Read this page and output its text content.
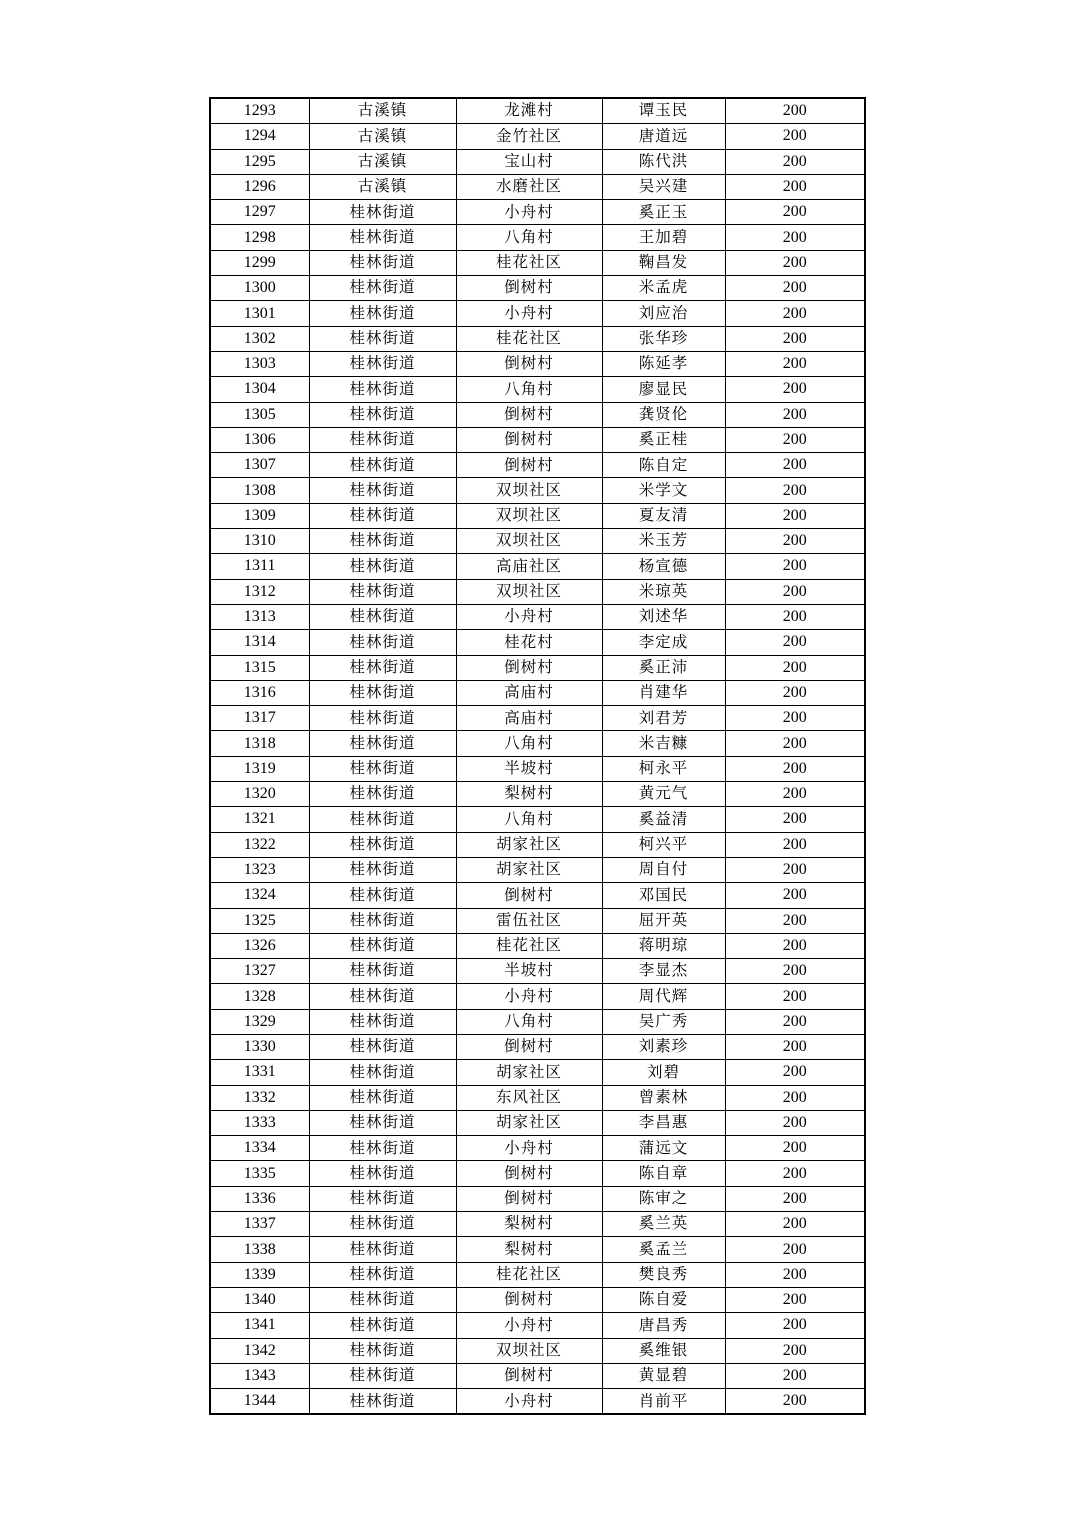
1293	古溪镇	龙滩村	谭玉民	200
1294	古溪镇	金竹社区	唐道远	200
1295	古溪镇	宝山村	陈代洪	200
1296	古溪镇	水磨社区	吴兴建	200
1297	桂林街道	小舟村	奚正玉	200
1298	桂林街道	八角村	王加碧	200
1299	桂林街道	桂花社区	鞠昌发	200
1300	桂林街道	倒树村	米孟虎	200
1301	桂林街道	小舟村	刘应治	200
1302	桂林街道	桂花社区	张华珍	200
1303	桂林街道	倒树村	陈延孝	200
1304	桂林街道	八角村	廖显民	200
1305	桂林街道	倒树村	龚贤伦	200
1306	桂林街道	倒树村	奚正桂	200
1307	桂林街道	倒树村	陈自定	200
1308	桂林街道	双坝社区	米学文	200
1309	桂林街道	双坝社区	夏友清	200
1310	桂林街道	双坝社区	米玉芳	200
1311	桂林街道	高庙社区	杨宣德	200
1312	桂林街道	双坝社区	米琼英	200
1313	桂林街道	小舟村	刘述华	200
1314	桂林街道	桂花村	李定成	200
1315	桂林街道	倒树村	奚正沛	200
1316	桂林街道	高庙村	肖建华	200
1317	桂林街道	高庙村	刘君芳	200
1318	桂林街道	八角村	米吉糠	200
1319	桂林街道	半坡村	柯永平	200
1320	桂林街道	梨树村	黄元气	200
1321	桂林街道	八角村	奚益清	200
1322	桂林街道	胡家社区	柯兴平	200
1323	桂林街道	胡家社区	周自付	200
1324	桂林街道	倒树村	邓国民	200
1325	桂林街道	雷伍社区	屈开英	200
1326	桂林街道	桂花社区	蒋明琼	200
1327	桂林街道	半坡村	李显杰	200
1328	桂林街道	小舟村	周代辉	200
1329	桂林街道	八角村	吴广秀	200
1330	桂林街道	倒树村	刘素珍	200
1331	桂林街道	胡家社区	刘碧	200
1332	桂林街道	东风社区	曾素林	200
1333	桂林街道	胡家社区	李昌惠	200
1334	桂林街道	小舟村	蒲远文	200
1335	桂林街道	倒树村	陈自章	200
1336	桂林街道	倒树村	陈审之	200
1337	桂林街道	梨树村	奚兰英	200
1338	桂林街道	梨树村	奚孟兰	200
1339	桂林街道	桂花社区	樊良秀	200
1340	桂林街道	倒树村	陈自爱	200
1341	桂林街道	小舟村	唐昌秀	200
1342	桂林街道	双坝社区	奚维银	200
1343	桂林街道	倒树村	黄显碧	200
1344	桂林街道	小舟村	肖前平	200
